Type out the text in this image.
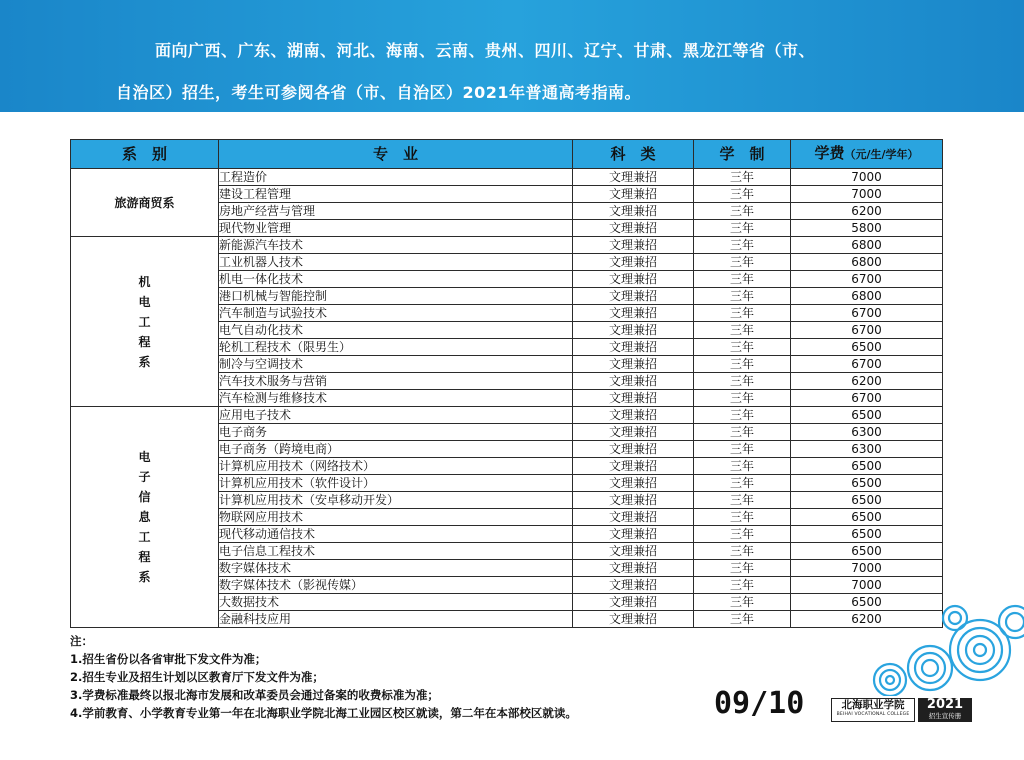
面向广西、广东、湖南、河北、海南、云南、贵州、四川、辽宁、甘肃、黑龙江等省（市、
自治区）招生，考生可参阅各省（市、自治区）2021年普通高考指南。
系　别	专　业	科　类	学　制	学费（元/生/学年）
旅游商贸系	工程造价	文理兼招	三年	7000
	建设工程管理	文理兼招	三年	7000
	房地产经营与管理	文理兼招	三年	6200
	现代物业管理	文理兼招	三年	5800
机电工程系	新能源汽车技术	文理兼招	三年	6800
	工业机器人技术	文理兼招	三年	6800
	机电一体化技术	文理兼招	三年	6700
	港口机械与智能控制	文理兼招	三年	6800
	汽车制造与试验技术	文理兼招	三年	6700
	电气自动化技术	文理兼招	三年	6700
	轮机工程技术（限男生）	文理兼招	三年	6500
	制冷与空调技术	文理兼招	三年	6700
	汽车技术服务与营销	文理兼招	三年	6200
	汽车检测与维修技术	文理兼招	三年	6700
电子信息工程系	应用电子技术	文理兼招	三年	6500
	电子商务	文理兼招	三年	6300
	电子商务（跨境电商）	文理兼招	三年	6300
	计算机应用技术（网络技术）	文理兼招	三年	6500
	计算机应用技术（软件设计）	文理兼招	三年	6500
	计算机应用技术（安卓移动开发）	文理兼招	三年	6500
	物联网应用技术	文理兼招	三年	6500
	现代移动通信技术	文理兼招	三年	6500
	电子信息工程技术	文理兼招	三年	6500
	数字媒体技术	文理兼招	三年	7000
	数字媒体技术（影视传媒）	文理兼招	三年	7000
	大数据技术	文理兼招	三年	6500
	金融科技应用	文理兼招	三年	6200
注：
1.招生省份以各省审批下发文件为准；
2.招生专业及招生计划以区教育厅下发文件为准；
3.学费标准最终以报北海市发展和改革委员会通过备案的收费标准为准；
4.学前教育、小学教育专业第一年在北海职业学院北海工业园区校区就读，第二年在本部校区就读。	09/10	北海职业学院
BEIHAI VOCATIONAL COLLEGE
2021
招生宣传册
